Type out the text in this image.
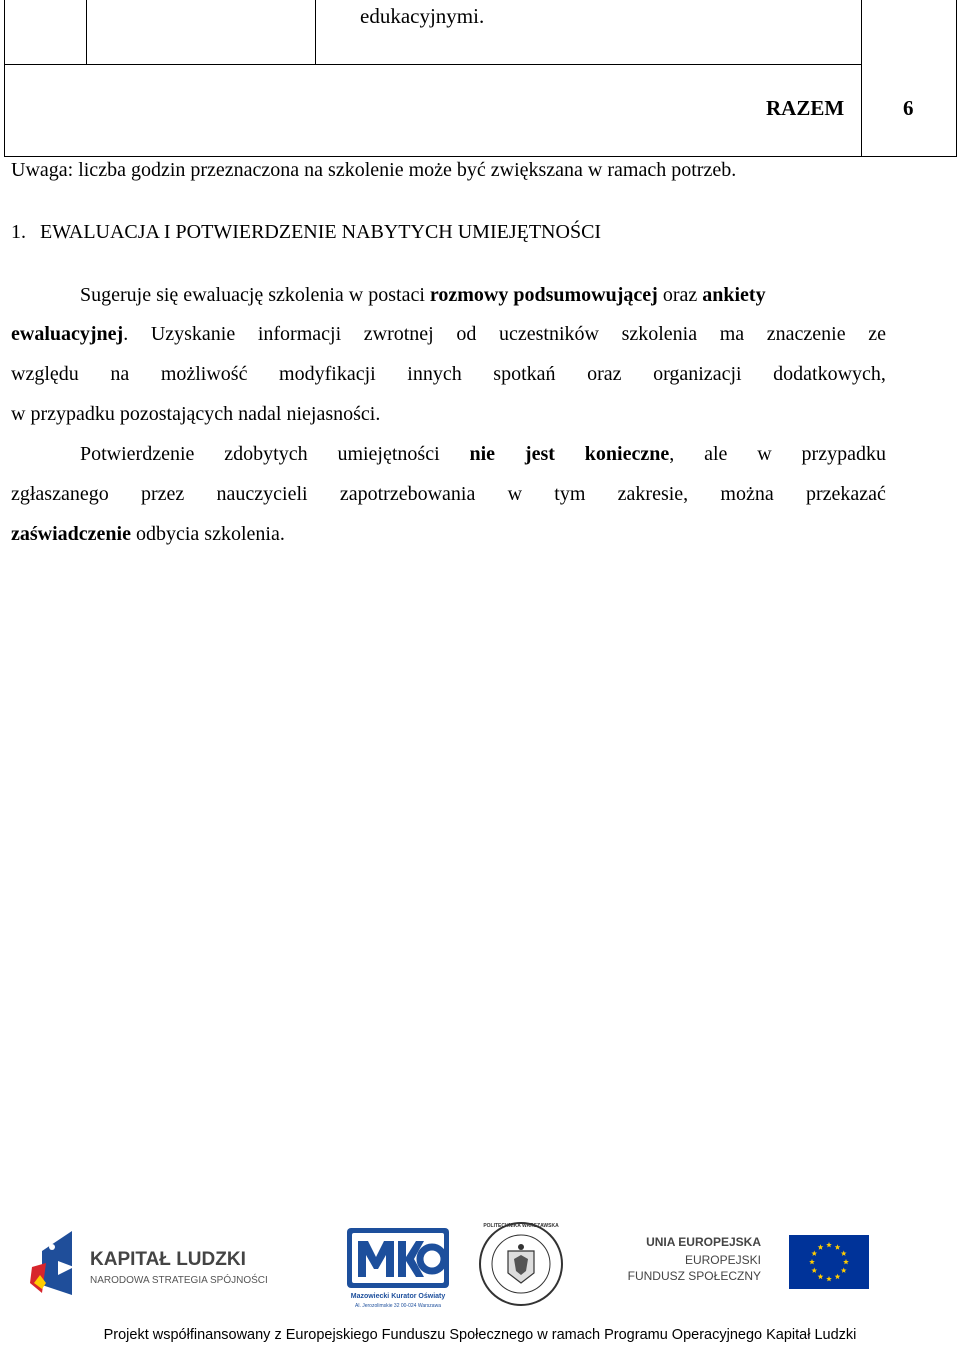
edukacyjnymi.
RAZEM	6
Uwaga: liczba godzin przeznaczona na szkolenie może być zwiększana w ramach potrzeb.
1. EWALUACJA I POTWIERDZENIE NABYTYCH UMIEJĘTNOŚCI
Sugeruje się ewaluację szkolenia w postaci rozmowy podsumowującej oraz ankiety
ewaluacyjnej. Uzyskanie informacji zwrotnej od uczestników szkolenia ma znaczenie ze
względu na możliwość modyfikacji innych spotkań oraz organizacji dodatkowych,
w przypadku pozostających nadal niejasności.
Potwierdzenie zdobytych umiejętności nie jest konieczne, ale w przypadku
zgłaszanego przez nauczycieli zapotrzebowania w tym zakresie, można przekazać
zaświadczenie odbycia szkolenia.
KAPITAŁ LUDZKI
NARODOWA STRATEGIA SPÓJNOŚCI
Mazowiecki Kurator Oświaty
Al. Jerozolimskie 32 00-024 Warszawa
POLITECHNIKA WARSZAWSKA
UNIA EUROPEJSKA
EUROPEJSKI
FUNDUSZ SPOŁECZNY
Projekt współfinansowany z Europejskiego Funduszu Społecznego w ramach Programu Operacyjnego Kapitał Ludzki
